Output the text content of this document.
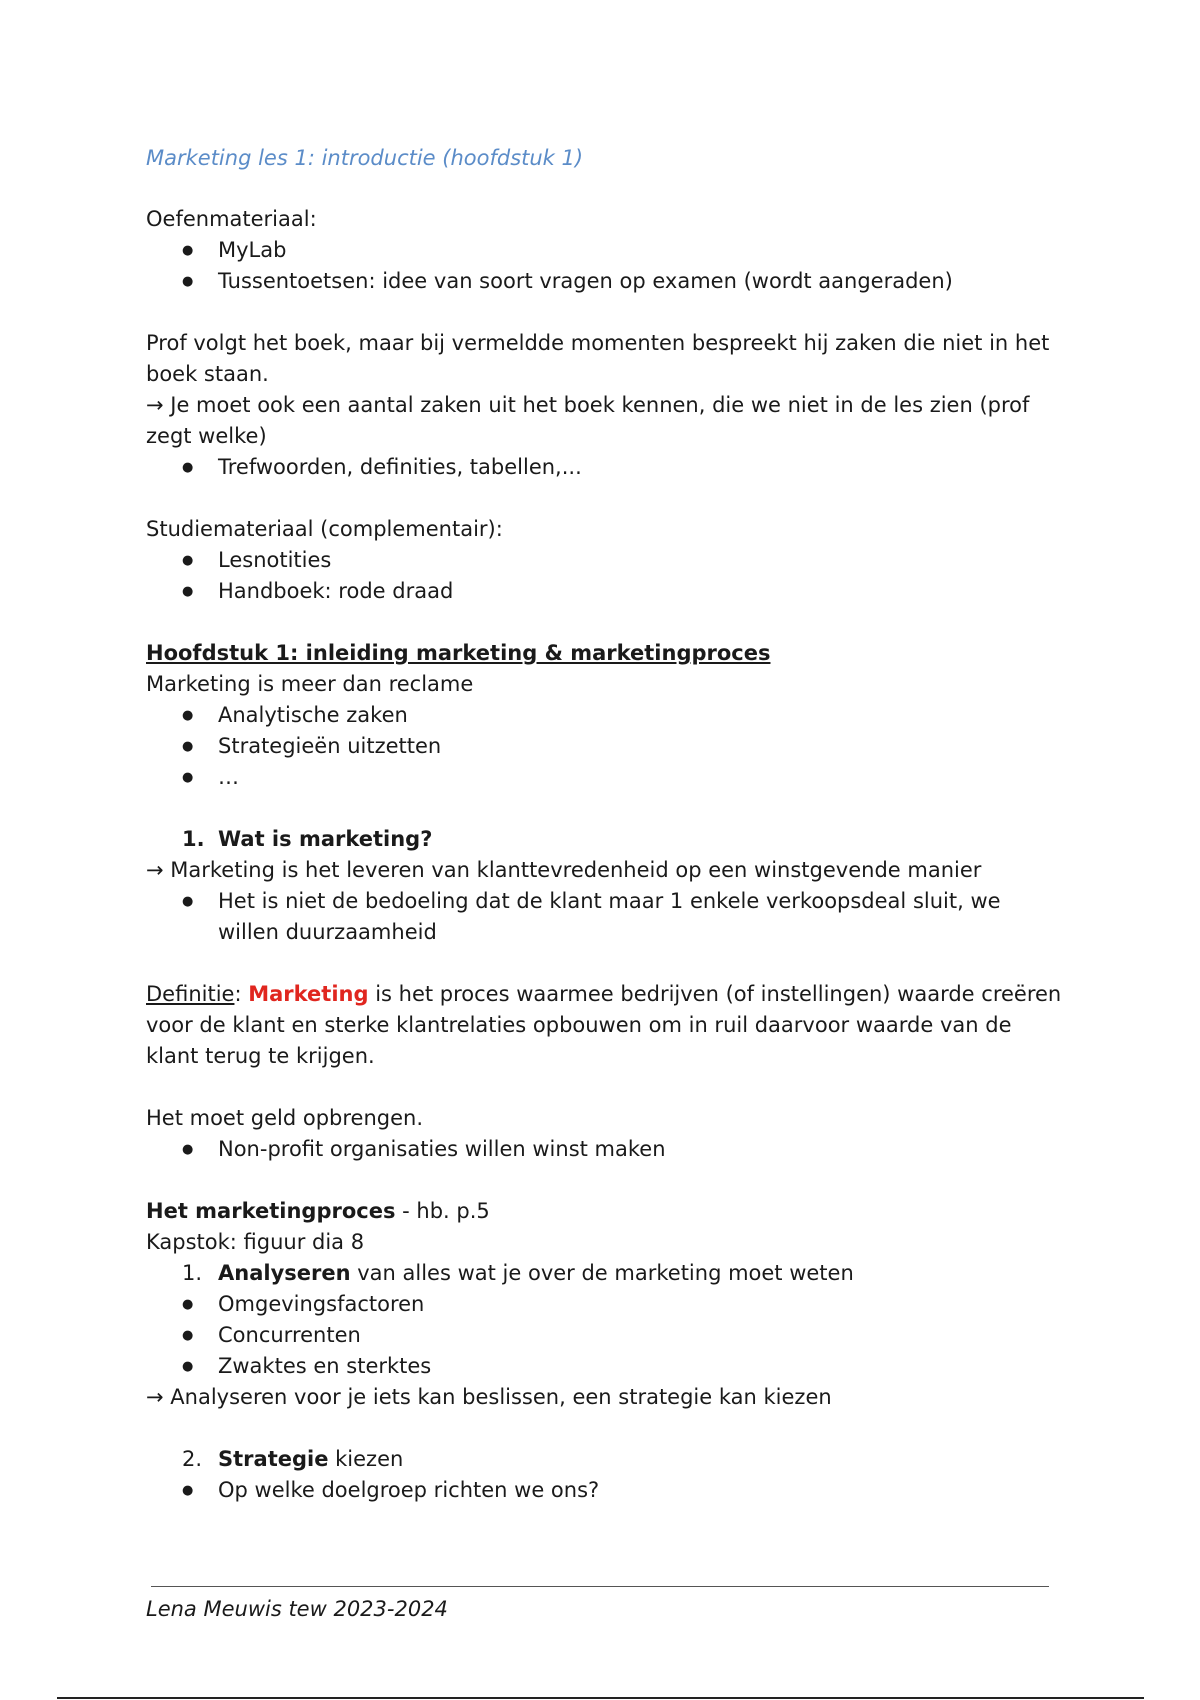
Marketing les 1: introductie (hoofdstuk 1)
Oefenmateriaal:
● MyLab
● Tussentoetsen: idee van soort vragen op examen (wordt aangeraden)
Prof volgt het boek, maar bij vermeldde momenten bespreekt hij zaken die niet in het boek staan.
→ Je moet ook een aantal zaken uit het boek kennen, die we niet in de les zien (prof zegt welke)
● Trefwoorden, definities, tabellen,...
Studiemateriaal (complementair):
● Lesnotities
● Handboek: rode draad
Hoofdstuk 1: inleiding marketing & marketingproces
Marketing is meer dan reclame
● Analytische zaken
● Strategieën uitzetten
● …
1. Wat is marketing?
→ Marketing is het leveren van klanttevredenheid op een winstgevende manier
● Het is niet de bedoeling dat de klant maar 1 enkele verkoopsdeal sluit, we willen duurzaamheid
Definitie: Marketing is het proces waarmee bedrijven (of instellingen) waarde creëren voor de klant en sterke klantrelaties opbouwen om in ruil daarvoor waarde van de klant terug te krijgen.
Het moet geld opbrengen.
● Non-profit organisaties willen winst maken
Het marketingproces - hb. p.5
Kapstok: figuur dia 8
1. Analyseren van alles wat je over de marketing moet weten
● Omgevingsfactoren
● Concurrenten
● Zwaktes en sterktes
→ Analyseren voor je iets kan beslissen, een strategie kan kiezen
2. Strategie kiezen
● Op welke doelgroep richten we ons?
Lena Meuwis tew 2023-2024
